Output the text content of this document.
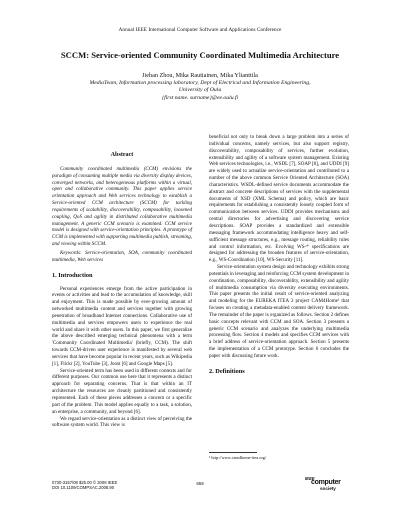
Annual IEEE International Computer Software and Applications Conference
SCCM: Service-oriented Community Coordinated Multimedia Architecture
Jiehan Zhou, Mika Rautiainen, Mika Ylianttila
MediaTeam, Information processing laboratory, Dept of Electrical and Information Engineering,
University of Oulu
{first name. surname}@ee.oulu.fi
Abstract
Community coordinated multimedia (CCM) envisions the paradigm of consuming multiple media via diversity display devices, converged networks, and heterogeneous platforms within a virtual, open and collaborative community. This paper applies service orientation approach and Web services technology to establish a Service-oriented CCM architecture (SCCM) for tackling requirements of scalability, discoverability, composability, loosened coupling, QoS and agility in distributed collaborative multimedia management. A generic CCM scenario is examined. CCM service model is designed with service-orientation principles. A prototype of CCM is implemented with supporting multimedia publish, streaming, and viewing within SCCM.
Keywords: Service-orientation, SOA, community coordinated multimedia, Web services
1. Introduction
Personal experiences emerge from the active participation in events or activities and lead to the accumulation of knowledge, skill and enjoyment. This is made possible by ever-growing amount of networked multimedia content and services together with growing penetration of broadband Internet connections. Collaborative use of multimedia and services empowers users to experience the real world and share it with other users. In this paper, we first generalize the above described emerging technical phenomena with a term 'Community Coordinated Multimedia' (briefly, CCM). The shift towards CCM-driven user experience is manifested by several web services that have become popular in recent years, such as Wikipedia [1], Flickr [2], YouTube [3], Joost [6] and Google Maps [5].
Service-oriented term has been used in different contexts and for different purposes. Our common use here that it represents a distinct approach for separating concerns. That is that within an IT architecture the resources are cleanly partitioned and consistently represented. Each of these pieces addresses a concern or a specific part of the problem. This model applies equally to a task, a solution, an enterprise, a community, and beyond [6].
We regard service-orientation as a distinct view of perceiving the software system world. This view is
beneficial not only to break down a large problem into a series of individual concerns, namely services, but also support registry, discoverability, composability of services, further evolution, extensibility and agility of a software system management. Existing Web services technologies, i.e., WSDL [7], SOAP [8], and UDDI [9] are widely used to actualize service-orientation and contributed to a number of the above common Service Oriented Architecture (SOA) characteristics. WSDL-defined service documents accommodate the abstract and concrete descriptions of services with the supplemental documents of XSD (XML Schema) and policy, which are basic requirements for establishing a consistently loosely coupled form of communication between services. UDDI provides mechanisms and central directories for advertising and discovering service descriptions. SOAP provides a standardized and extensible messaging framework accommodating intelligence heavy and self-sufficient message structures, e.g., message routing, reliability rules and control information, etc. Evolving WS-* specifications are designed for addressing the broaden features of service-orientation, e.g., WS-Coordination [10], WS-Security [11].
Service-orientation system design and technology exhibits strong potentials in leveraging and reinforcing CCM system development in coordination, composability, discoverability, extensibility and agility of multimedia consumption via diversity executing environments. This paper presents the initial result of service-oriented analyzing and modeling for the EUREKA ITEA 2 project CAM4Home¹ that focuses on creating a metadata-enabled content delivery framework. The remainder of the paper is organized as follows. Section 2 defines basic concepts relevant with CCM and SOA. Section 3 presents a generic CCM scenario and analyzes the underlying multimedia processing flow. Section 4 models and specifies CCM services with a brief address of service-orientation approach. Section 5 presents the implementation of a CCM prototype. Section 6 concludes the paper with discussing future work.
2. Definitions
¹ http://www.cam4home-itea.org/
0730-3157/08 $25.00 © 2008 IEEE
DOI 10.1109/COMPSAC.2008.90
659
IEEE
computer
society
